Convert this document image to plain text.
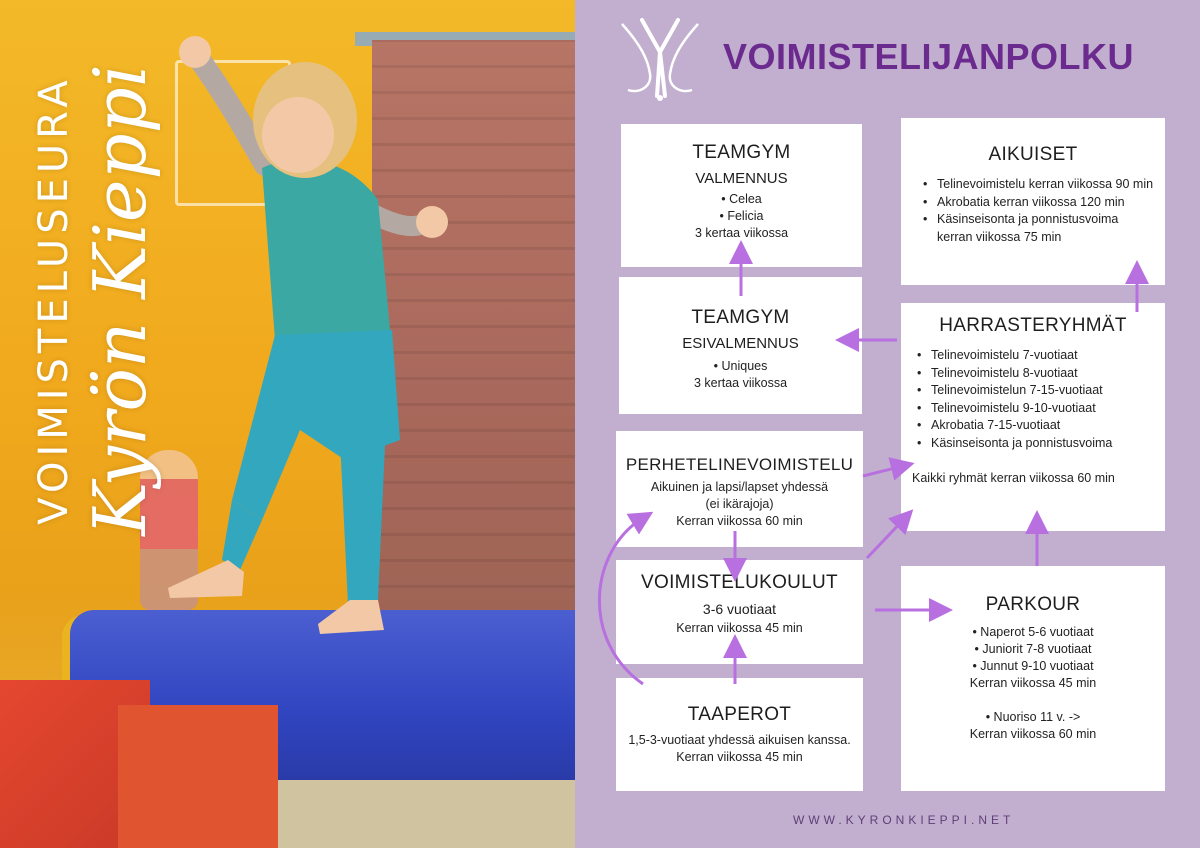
VOIMISTELUSEURA Kyrön Kieppi
VOIMISTELIJANPOLKU
TEAMGYM
VALMENNUS
• Celea
• Felicia
3 kertaa viikossa
AIKUISET
• Telinevoimistelu kerran viikossa 90 min
• Akrobatia kerran viikossa 120 min
• Käsinseisonta ja ponnistusvoima kerran viikossa 75 min
TEAMGYM
ESIVALMENNUS
• Uniques
3 kertaa viikossa
HARRASTERYHMÄT
• Telinevoimistelu 7-vuotiaat
• Telinevoimistelu 8-vuotiaat
• Telinevoimistelun 7-15-vuotiaat
• Telinevoimistelu 9-10-vuotiaat
• Akrobatia 7-15-vuotiaat
• Käsinseisonta ja ponnistusvoima
Kaikki ryhmät kerran viikossa 60 min
PERHETELINEVOIMISTELU
Aikuinen ja lapsi/lapset yhdessä
(ei ikärajoja)
Kerran viikossa 60 min
VOIMISTELUKOULUT
3-6 vuotiaat
Kerran viikossa 45 min
PARKOUR
• Naperot 5-6 vuotiaat
• Juniorit 7-8 vuotiaat
• Junnut 9-10 vuotiaat
Kerran viikossa 45 min
• Nuoriso 11 v. ->
Kerran viikossa 60 min
TAAPEROT
1,5-3-vuotiaat yhdessä aikuisen kanssa.
Kerran viikossa 45 min
WWW.KYRONKIEPPI.NET
